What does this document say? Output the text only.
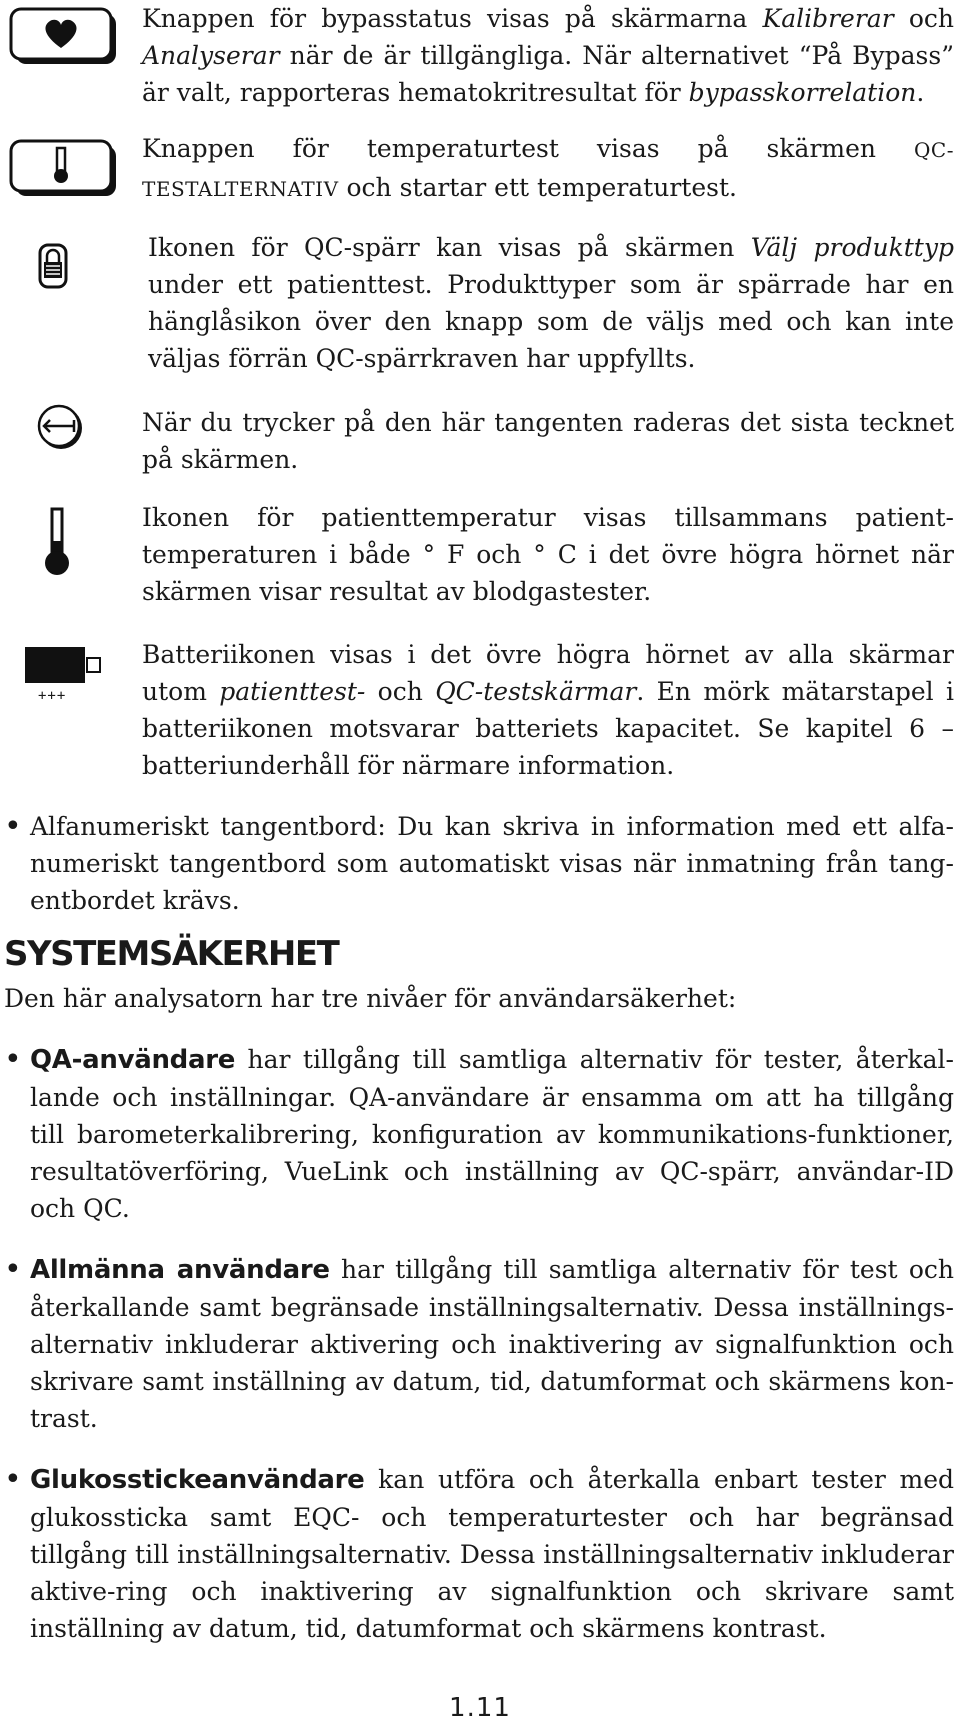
Knappen för bypasstatus visas på skärmarna Kalibrerar och Analyserar när de är tillgängliga. När alternativet “På Bypass” är valt, rapporteras hematokritresultat för bypasskorrelation.

Knappen för temperaturtest visas på skärmen QC-TESTALTERNATIV och startar ett temperaturtest.

Ikonen för QC-spärr kan visas på skärmen Välj produkttyp under ett patienttest. Produkttyper som är spärrade har en hänglåsikon över den knapp som de väljs med och kan inte väljas förrän QC-spärrkraven har uppfyllts.

När du trycker på den här tangenten raderas det sista tecknet på skärmen.

Ikonen för patienttemperatur visas tillsammans patient-temperaturen i både ° F och ° C i det övre högra hörnet när skärmen visar resultat av blodgastester.

+++

Batteriikonen visas i det övre högra hörnet av alla skärmar utom patienttest- och QC-testskärmar. En mörk mätarstapel i batteriikonen motsvarar batteriets kapacitet. Se kapitel 6 – batteriunderhåll för närmare information.

• Alfanumeriskt tangentbord: Du kan skriva in information med ett alfa-numeriskt tangentbord som automatiskt visas när inmatning från tang-entbordet krävs.

SYSTEMSÄKERHET

Den här analysatorn har tre nivåer för användarsäkerhet:

• QA-användare har tillgång till samtliga alternativ för tester, återkal-lande och inställningar. QA-användare är ensamma om att ha tillgång till barometerkalibrering, konfiguration av kommunikations-funktioner, resultatöverföring, VueLink och inställning av QC-spärr, användar-ID och QC.

• Allmänna användare har tillgång till samtliga alternativ för test och återkallande samt begränsade inställningsalternativ. Dessa inställnings-alternativ inkluderar aktivering och inaktivering av signalfunktion och skrivare samt inställning av datum, tid, datumformat och skärmens kon-trast.

• Glukosstickeanvändare kan utföra och återkalla enbart tester med glukossticka samt EQC- och temperaturtester och har begränsad tillgång till inställningsalternativ. Dessa inställningsalternativ inkluderar aktive-ring och inaktivering av signalfunktion och skrivare samt inställning av datum, tid, datumformat och skärmens kontrast.

1.11
